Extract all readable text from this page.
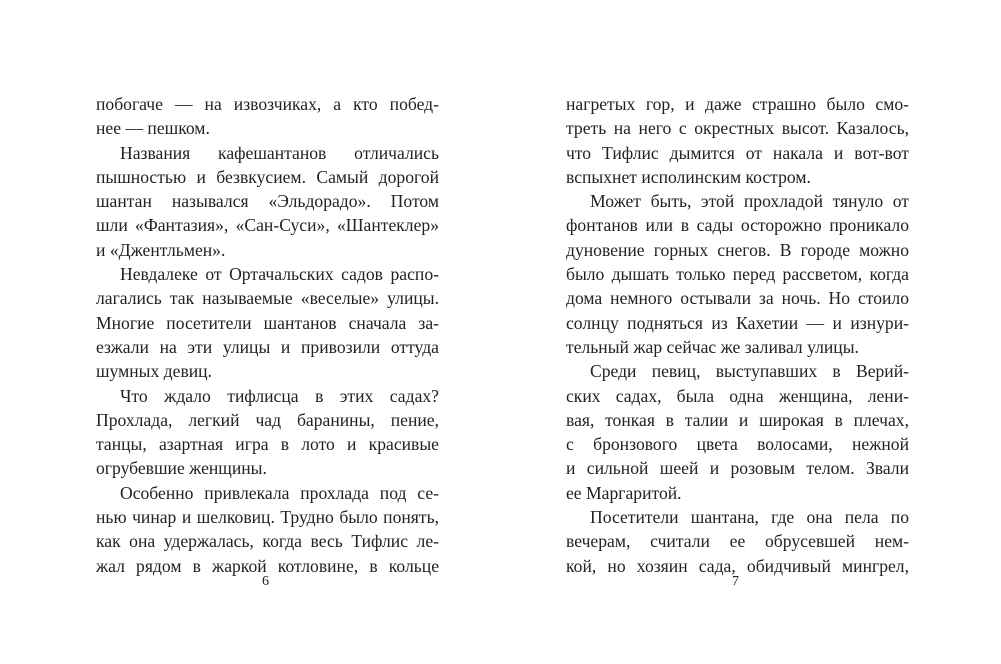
побогаче — на извозчиках, а кто побед-
нее — пешком.
Названия кафешантанов отличались
пышностью и безвкусием. Самый дорогой
шантан назывался «Эльдорадо». Потом
шли «Фантазия», «Сан-Суси», «Шантеклер»
и «Джентльмен».
Невдалеке от Ортачальских садов распо-
лагались так называемые «веселые» улицы.
Многие посетители шантанов сначала за-
езжали на эти улицы и привозили оттуда
шумных девиц.
Что ждало тифлисца в этих садах?
Прохлада, легкий чад баранины, пение,
танцы, азартная игра в лото и красивые
огрубевшие женщины.
Особенно привлекала прохлада под се-
нью чинар и шелковиц. Трудно было понять,
как она удержалась, когда весь Тифлис ле-
жал рядом в жаркой котловине, в кольце
нагретых гор, и даже страшно было смо-
треть на него с окрестных высот. Казалось,
что Тифлис дымится от накала и вот-вот
вспыхнет исполинским костром.
Может быть, этой прохладой тянуло от
фонтанов или в сады осторожно проникало
дуновение горных снегов. В городе можно
было дышать только перед рассветом, когда
дома немного остывали за ночь. Но стоило
солнцу подняться из Кахетии — и изнури-
тельный жар сейчас же заливал улицы.
Среди певиц, выступавших в Верий-
ских садах, была одна женщина, лени-
вая, тонкая в талии и широкая в плечах,
с бронзового цвета волосами, нежной
и сильной шеей и розовым телом. Звали
ее Маргаритой.
Посетители шантана, где она пела по
вечерам, считали ее обрусевшей нем-
кой, но хозяин сада, обидчивый мингрел,
6	7
